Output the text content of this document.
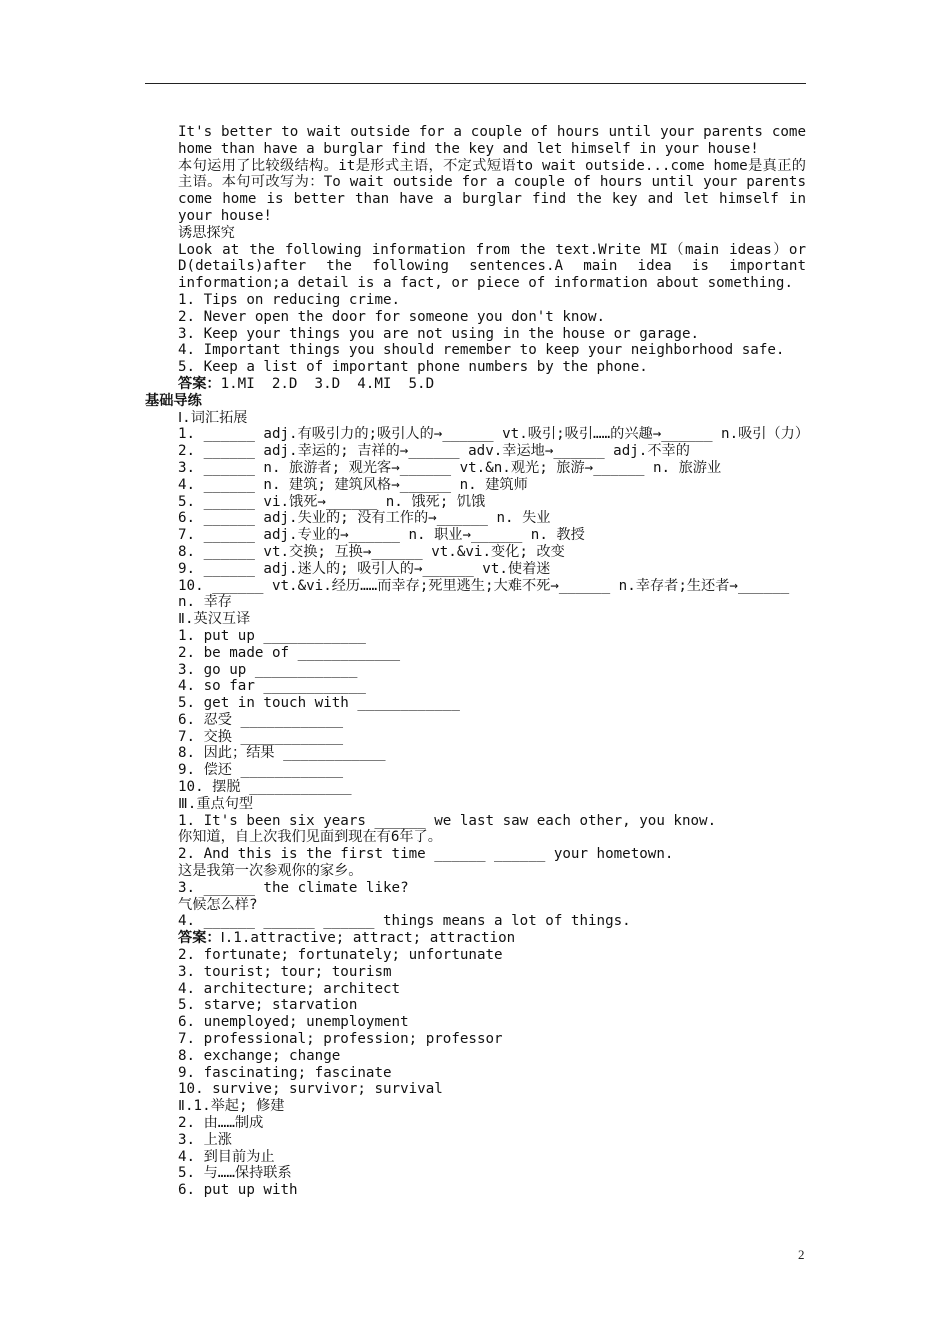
It's better to wait outside for a couple of hours until your parents come home than have a burglar find the key and let himself in your house!
本句运用了比较级结构。it是形式主语，不定式短语to wait outside...come home是真正的主语。本句可改写为：To wait outside for a couple of hours until your parents come home is better than have a burglar find the key and let himself in your house!
诱思探究
Look at the following information from the text.Write MI（main ideas）or D(details)after the following sentences.A main idea is important information;a detail is a fact, or piece of information about something.
1. Tips on reducing crime.
2. Never open the door for someone you don't know.
3. Keep your things you are not using in the house or garage.
4. Important things you should remember to keep your neighborhood safe.
5. Keep a list of important phone numbers by the phone.
答案：1.MI  2.D  3.D  4.MI  5.D
基础导练
Ⅰ.词汇拓展
1. ______ adj.有吸引力的;吸引人的→______ vt.吸引;吸引……的兴趣→______ n.吸引（力）
2. ______ adj.幸运的; 吉祥的→______ adv.幸运地→______ adj.不幸的
3. ______ n. 旅游者; 观光客→______ vt.&n.观光; 旅游→______ n. 旅游业
4. ______ n. 建筑; 建筑风格→______ n. 建筑师
5. ______ vi.饿死→______ n. 饿死; 饥饿
6. ______ adj.失业的; 没有工作的→______ n. 失业
7. ______ adj.专业的→______ n. 职业→______ n. 教授
8. ______ vt.交换; 互换→______ vt.&vi.变化; 改变
9. ______ adj.迷人的; 吸引人的→______ vt.使着迷
10. ______ vt.&vi.经历……而幸存;死里逃生;大难不死→______ n.幸存者;生还者→______ n. 幸存
Ⅱ.英汉互译
1. put up ____________
2. be made of ____________
3. go up ____________
4. so far ____________
5. get in touch with ____________
6. 忍受 ____________
7. 交换 ____________
8. 因此；结果 ____________
9. 偿还 ____________
10. 摆脱 ____________
Ⅲ.重点句型
1. It's been six years ______ we last saw each other, you know.
你知道，自上次我们见面到现在有6年了。
2. And this is the first time ______ ______ your hometown.
这是我第一次参观你的家乡。
3. ______ the climate like?
气候怎么样?
4. ______ ______ ______ things means a lot of things.
答案：Ⅰ.1.attractive; attract; attraction
2. fortunate; fortunately; unfortunate
3. tourist; tour; tourism
4. architecture; architect
5. starve; starvation
6. unemployed; unemployment
7. professional; profession; professor
8. exchange; change
9. fascinating; fascinate
10. survive; survivor; survival
Ⅱ.1.举起; 修建
2. 由……制成
3. 上涨
4. 到目前为止
5. 与……保持联系
6. put up with
2
